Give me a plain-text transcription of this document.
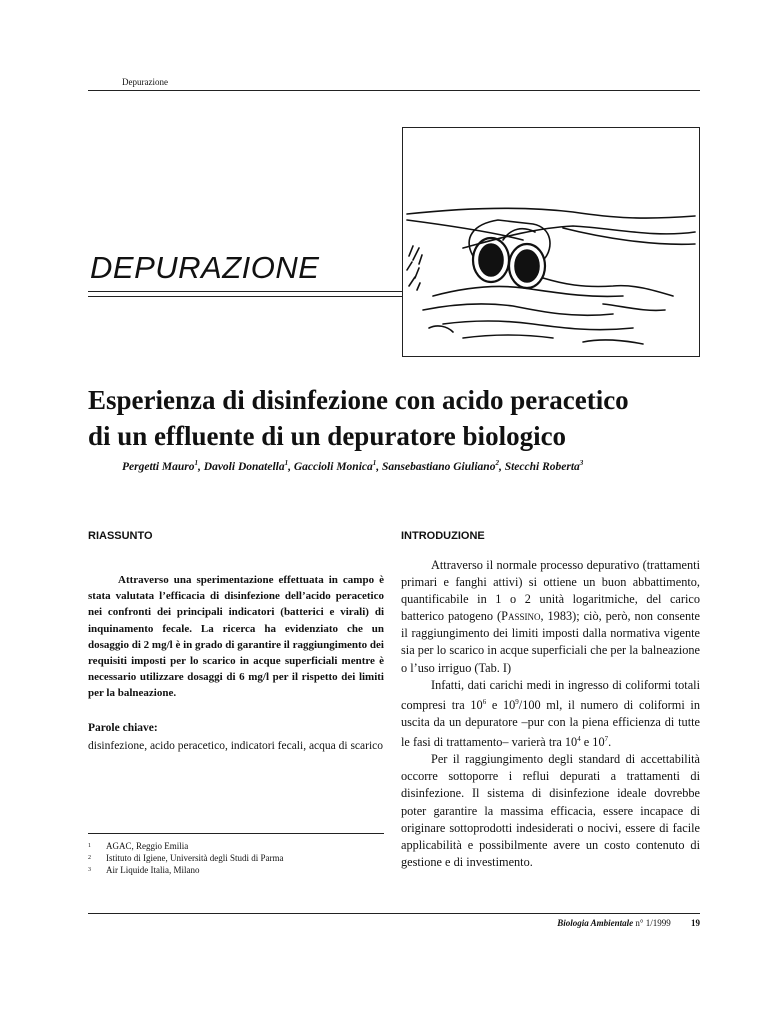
Depurazione
DEPURAZIONE
Esperienza di disinfezione con acido peracetico
di un effluente di un depuratore biologico
Pergetti Mauro$^1$, Davoli Donatella$^1$, Gaccioli Monica$^1$, Sansebastiano Giuliano$^2$, Stecchi Roberta$^3$
RIASSUNTO	INTRODUZIONE
Attraverso una sperimentazione effettuata in campo è stata valutata l’efficacia di disinfezione dell’acido peracetico nei confronti dei principali indicatori (batterici e virali) di inquinamento fecale. La ricerca ha evidenziato che un dosaggio di 2 mg/l è in grado di garantire il raggiungimento dei requisiti imposti per lo scarico in acque superficiali mentre è necessario utilizzare dosaggi di 6 mg/l per il rispetto dei limiti per la balneazione.
Parole chiave:
disinfezione, acido peracetico, indicatori fecali, acqua di scarico
1	AGAC, Reggio Emilia
2	Istituto di Igiene, Università degli Studi di Parma
3	Air Liquide Italia, Milano

Attraverso il normale processo depurativo (trattamenti primari e fanghi attivi) si ottiene un buon abbattimento, quantificabile in 1 o 2 unità logaritmiche, del carico batterico patogeno (Passino, 1983); ciò, però, non consente il raggiungimento dei limiti imposti dalla normativa vigente sia per lo scarico in acque superficiali che per la balneazione o l’uso irriguo (Tab. I)

Infatti, dati carichi medi in ingresso di coliformi totali compresi tra $10^6$ e $10^9/100$ ml, il numero di coliformi in uscita da un depuratore –pur con la piena efficienza di tutte le fasi di trattamento– varierà tra $10^4$ e $10^7$.

Per il raggiungimento degli standard di accettabilità occorre sottoporre i reflui depurati a trattamenti di disinfezione. Il sistema di disinfezione ideale dovrebbe poter garantire la massima efficacia, essere incapace di originare sottoprodotti indesiderati o nocivi, essere di facile applicabilità e possibilmente avere un costo contenuto di gestione e di investimento.

Biologia Ambientale n° 1/1999 19
